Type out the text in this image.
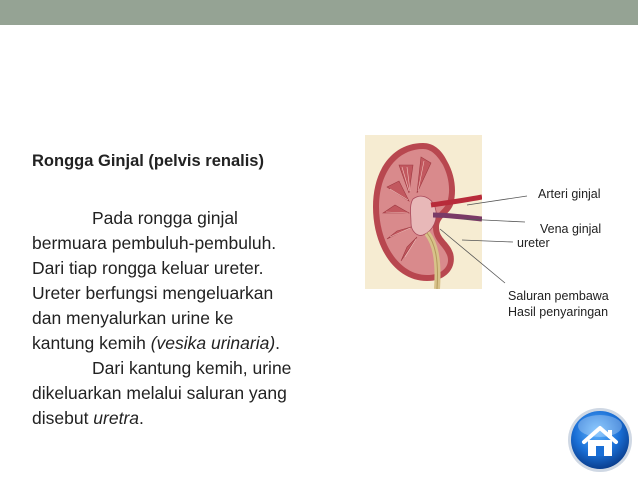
Rongga Ginjal (pelvis renalis)
Pada rongga ginjal
bermuara pembuluh-pembuluh.
Dari tiap rongga keluar ureter.
Ureter berfungsi mengeluarkan
dan menyalurkan urine ke
kantung kemih (vesika urinaria).
Dari kantung kemih, urine
dikeluarkan melalui saluran yang
disebut uretra.
Arteri ginjal
Vena ginjal
ureter
Saluran pembawa
Hasil penyaringan
